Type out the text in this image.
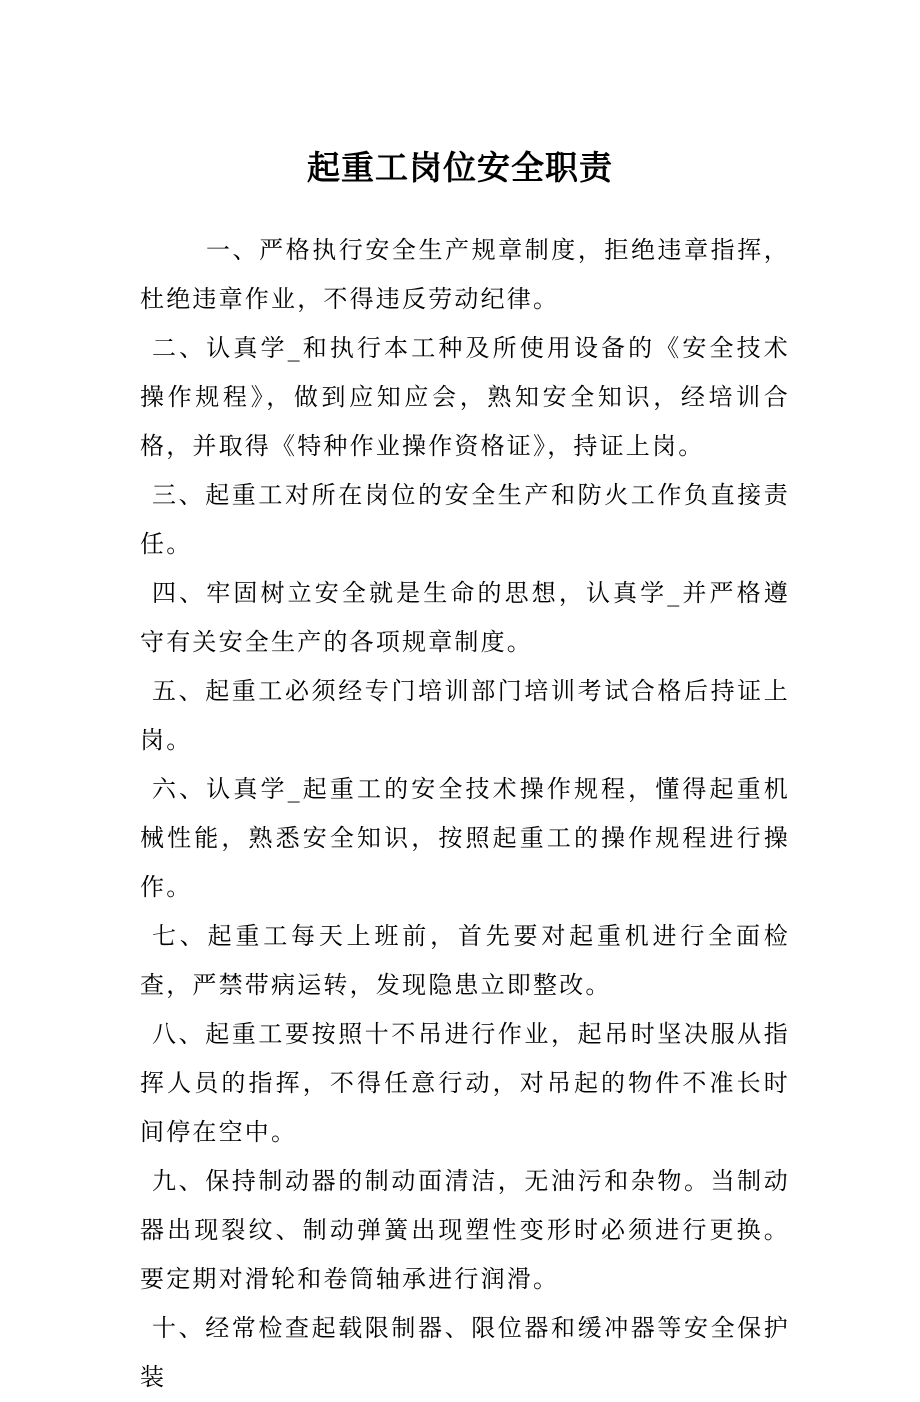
起重工岗位安全职责

一、严格执行安全生产规章制度，拒绝违章指挥，杜绝违章作业，不得违反劳动纪律。

二、认真学_和执行本工种及所使用设备的《安全技术操作规程》，做到应知应会，熟知安全知识，经培训合格，并取得《特种作业操作资格证》，持证上岗。

三、起重工对所在岗位的安全生产和防火工作负直接责任。

四、牢固树立安全就是生命的思想，认真学_并严格遵守有关安全生产的各项规章制度。

五、起重工必须经专门培训部门培训考试合格后持证上岗。

六、认真学_起重工的安全技术操作规程，懂得起重机械性能，熟悉安全知识，按照起重工的操作规程进行操作。

七、起重工每天上班前，首先要对起重机进行全面检查，严禁带病运转，发现隐患立即整改。

八、起重工要按照十不吊进行作业，起吊时坚决服从指挥人员的指挥，不得任意行动，对吊起的物件不准长时间停在空中。

九、保持制动器的制动面清洁，无油污和杂物。当制动器出现裂纹、制动弹簧出现塑性变形时必须进行更换。要定期对滑轮和卷筒轴承进行润滑。

十、经常检查起载限制器、限位器和缓冲器等安全保护装
